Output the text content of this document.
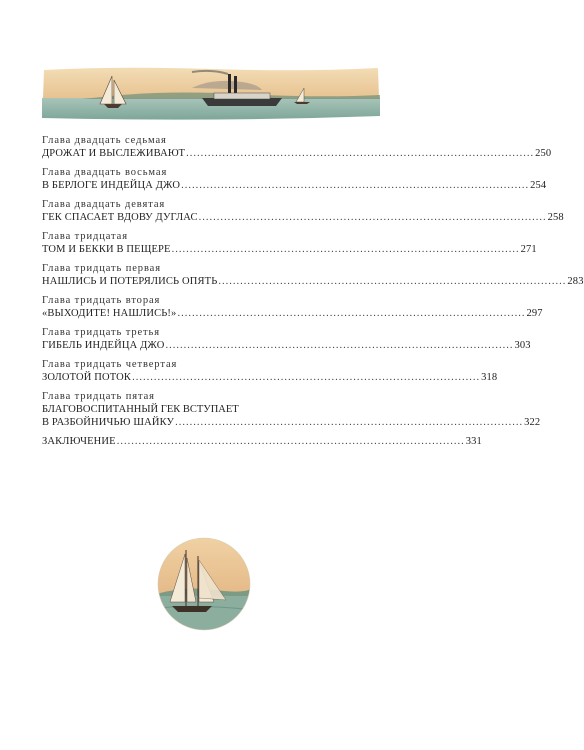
Глава двадцать седьмая
ДРОЖАТ И ВЫСЛЕЖИВАЮТ ................................................................................................ 250
Глава двадцать восьмая
В БЕРЛОГЕ ИНДЕЙЦА ДЖО ................................................................................................ 254
Глава двадцать девятая
ГЕК СПАСАЕТ ВДОВУ ДУГЛАС ................................................................................................ 258
Глава тридцатая
ТОМ И БЕККИ В ПЕЩЕРЕ ................................................................................................ 271
Глава тридцать первая
НАШЛИСЬ И ПОТЕРЯЛИСЬ ОПЯТЬ ................................................................................................ 283
Глава тридцать вторая
«ВЫХОДИТЕ! НАШЛИСЬ!» ................................................................................................ 297
Глава тридцать третья
ГИБЕЛЬ ИНДЕЙЦА ДЖО ................................................................................................ 303
Глава тридцать четвертая
ЗОЛОТОЙ ПОТОК ................................................................................................ 318
Глава тридцать пятая
БЛАГОВОСПИТАННЫЙ ГЕК ВСТУПАЕТ
В РАЗБОЙНИЧЬЮ ШАЙКУ ................................................................................................ 322
ЗАКЛЮЧЕНИЕ ................................................................................................ 331
